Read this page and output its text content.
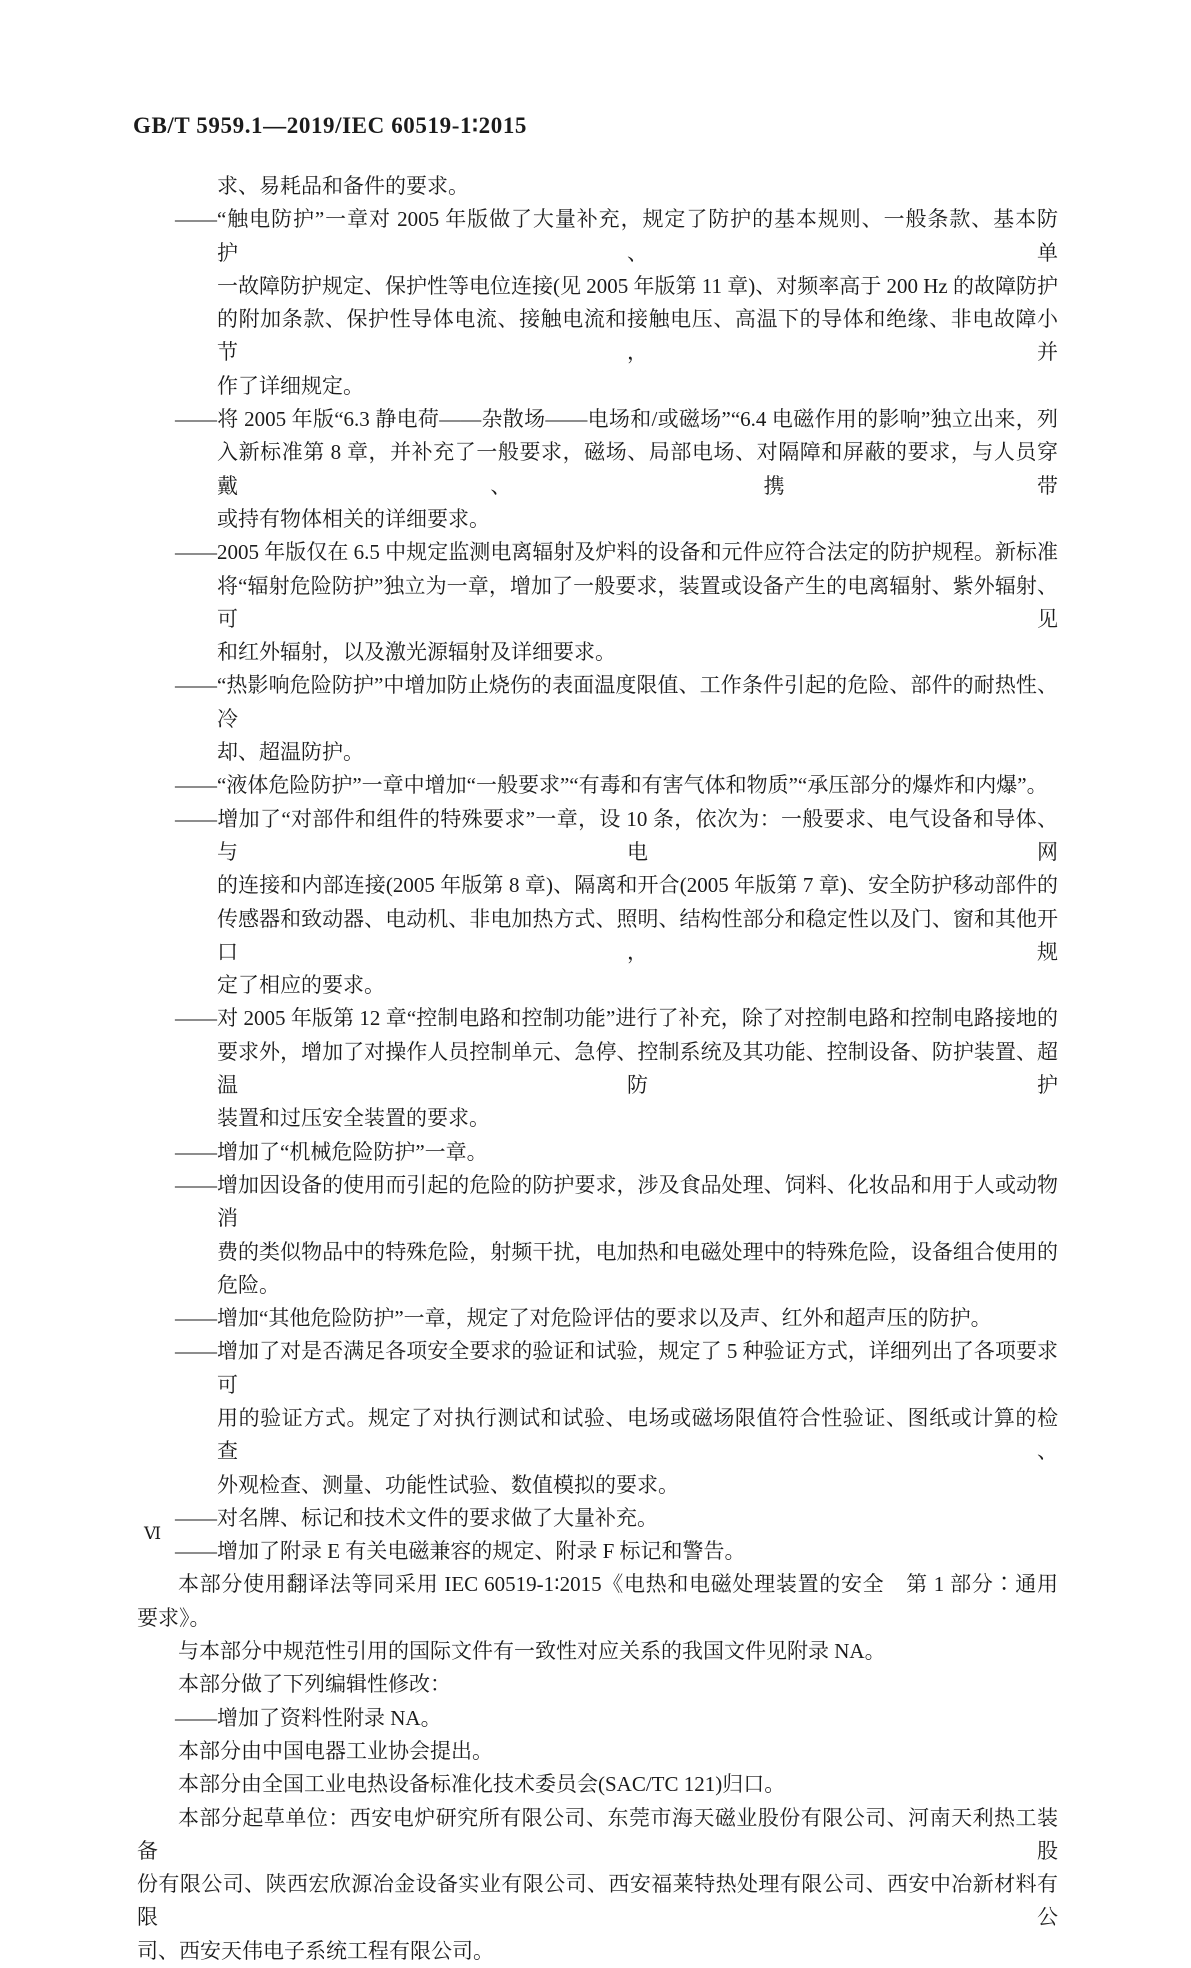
GB/T 5959.1—2019/IEC 60519-1∶2015
求、易耗品和备件的要求。
——“触电防护”一章对 2005 年版做了大量补充，规定了防护的基本规则、一般条款、基本防护、单
一故障防护规定、保护性等电位连接(见 2005 年版第 11 章)、对频率高于 200 Hz 的故障防护
的附加条款、保护性导体电流、接触电流和接触电压、高温下的导体和绝缘、非电故障小节，并
作了详细规定。
——将 2005 年版“6.3 静电荷——杂散场——电场和/或磁场”“6.4 电磁作用的影响”独立出来，列
入新标准第 8 章，并补充了一般要求，磁场、局部电场、对隔障和屏蔽的要求，与人员穿戴、携带
或持有物体相关的详细要求。
——2005 年版仅在 6.5 中规定监测电离辐射及炉料的设备和元件应符合法定的防护规程。新标准
将“辐射危险防护”独立为一章，增加了一般要求，装置或设备产生的电离辐射、紫外辐射、可见
和红外辐射，以及激光源辐射及详细要求。
——“热影响危险防护”中增加防止烧伤的表面温度限值、工作条件引起的危险、部件的耐热性、冷
却、超温防护。
——“液体危险防护”一章中增加“一般要求”“有毒和有害气体和物质”“承压部分的爆炸和内爆”。
——增加了“对部件和组件的特殊要求”一章，设 10 条，依次为：一般要求、电气设备和导体、与电网
的连接和内部连接(2005 年版第 8 章)、隔离和开合(2005 年版第 7 章)、安全防护移动部件的
传感器和致动器、电动机、非电加热方式、照明、结构性部分和稳定性以及门、窗和其他开口，规
定了相应的要求。
——对 2005 年版第 12 章“控制电路和控制功能”进行了补充，除了对控制电路和控制电路接地的
要求外，增加了对操作人员控制单元、急停、控制系统及其功能、控制设备、防护装置、超温防护
装置和过压安全装置的要求。
——增加了“机械危险防护”一章。
——增加因设备的使用而引起的危险的防护要求，涉及食品处理、饲料、化妆品和用于人或动物消
费的类似物品中的特殊危险，射频干扰，电加热和电磁处理中的特殊危险，设备组合使用的
危险。
——增加“其他危险防护”一章，规定了对危险评估的要求以及声、红外和超声压的防护。
——增加了对是否满足各项安全要求的验证和试验，规定了 5 种验证方式，详细列出了各项要求可
用的验证方式。规定了对执行测试和试验、电场或磁场限值符合性验证、图纸或计算的检查、
外观检查、测量、功能性试验、数值模拟的要求。
——对名牌、标记和技术文件的要求做了大量补充。
——增加了附录 E 有关电磁兼容的规定、附录 F 标记和警告。
本部分使用翻译法等同采用 IEC 60519-1∶2015《电热和电磁处理装置的安全　第 1 部分∶通用
要求》。
与本部分中规范性引用的国际文件有一致性对应关系的我国文件见附录 NA。
本部分做了下列编辑性修改：
——增加了资料性附录 NA。
本部分由中国电器工业协会提出。
本部分由全国工业电热设备标准化技术委员会(SAC/TC 121)归口。
本部分起草单位：西安电炉研究所有限公司、东莞市海天磁业股份有限公司、河南天利热工装备股
份有限公司、陕西宏欣源冶金设备实业有限公司、西安福莱特热处理有限公司、西安中冶新材料有限公
司、西安天伟电子系统工程有限公司。
Ⅵ
